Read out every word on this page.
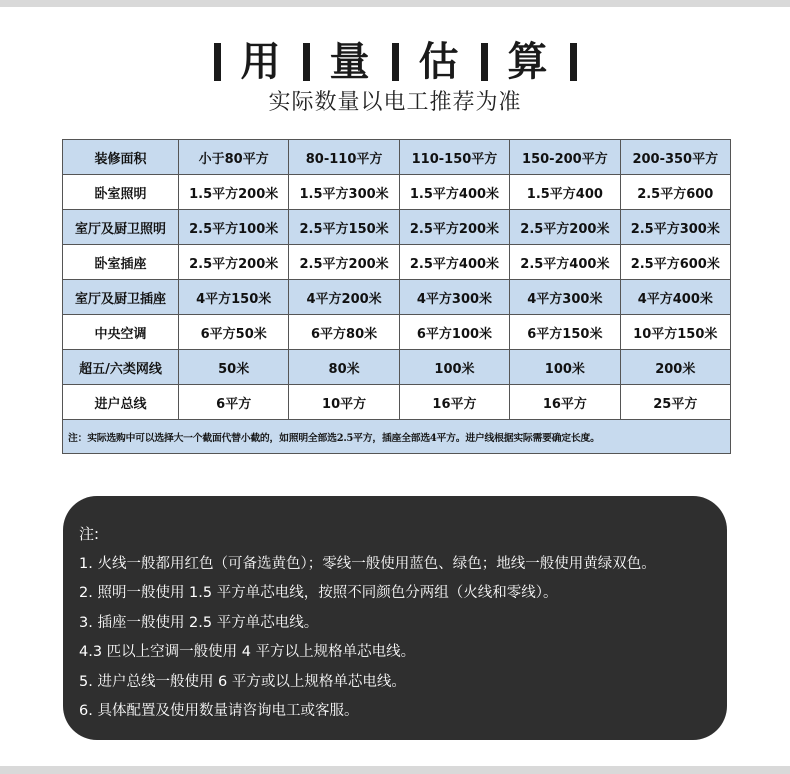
用 量 估 算
实际数量以电工推荐为准
装修面积	小于80平方	80-110平方	110-150平方	150-200平方	200-350平方
卧室照明	1.5平方200米	1.5平方300米	1.5平方400米	1.5平方400	2.5平方600
室厅及厨卫照明	2.5平方100米	2.5平方150米	2.5平方200米	2.5平方200米	2.5平方300米
卧室插座	2.5平方200米	2.5平方200米	2.5平方400米	2.5平方400米	2.5平方600米
室厅及厨卫插座	4平方150米	4平方200米	4平方300米	4平方300米	4平方400米
中央空调	6平方50米	6平方80米	6平方100米	6平方150米	10平方150米
超五/六类网线	50米	80米	100米	100米	200米
进户总线	6平方	10平方	16平方	16平方	25平方
注：实际选购中可以选择大一个截面代替小截的，如照明全部选2.5平方，插座全部选4平方。进户线根据实际需要确定长度。					
注:
1. 火线一般都用红色（可备选黄色）；零线一般使用蓝色、绿色；地线一般使用黄绿双色。
2. 照明一般使用 1.5 平方单芯电线，按照不同颜色分两组（火线和零线）。
3. 插座一般使用 2.5 平方单芯电线。
4.3 匹以上空调一般使用 4 平方以上规格单芯电线。
5. 进户总线一般使用 6 平方或以上规格单芯电线。
6. 具体配置及使用数量请咨询电工或客服。
